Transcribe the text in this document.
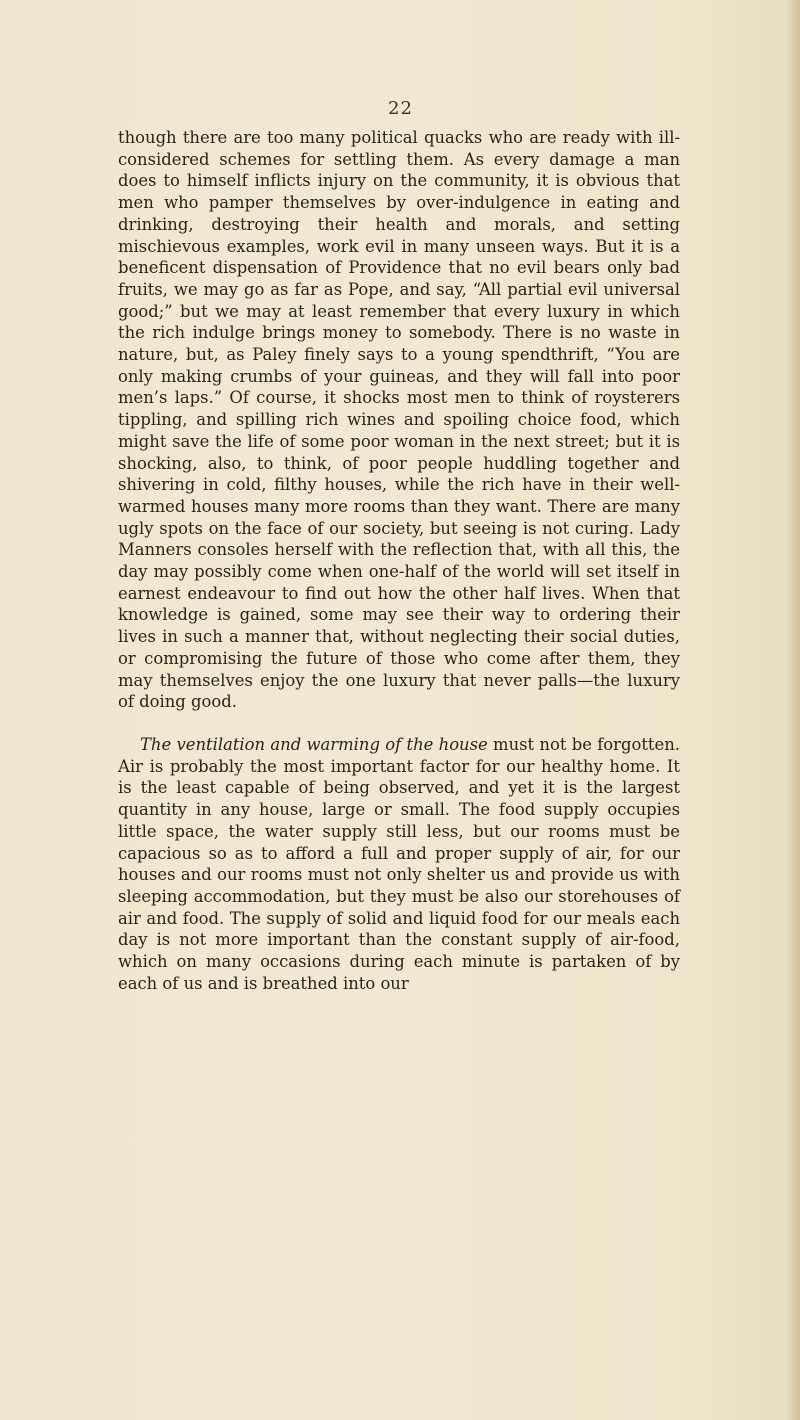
22

though there are too many political quacks who are ready with ill-considered schemes for settling them. As every damage a man does to himself inflicts injury on the community, it is obvious that men who pamper themselves by over-indulgence in eating and drinking, destroying their health and morals, and setting mischievous examples, work evil in many unseen ways. But it is a beneficent dispensation of Providence that no evil bears only bad fruits, we may go as far as Pope, and say, “All partial evil universal good;” but we may at least remember that every luxury in which the rich indulge brings money to somebody. There is no waste in nature, but, as Paley finely says to a young spendthrift, “You are only making crumbs of your guineas, and they will fall into poor men’s laps.” Of course, it shocks most men to think of roysterers tippling, and spilling rich wines and spoiling choice food, which might save the life of some poor woman in the next street; but it is shocking, also, to think, of poor people huddling together and shivering in cold, filthy houses, while the rich have in their well-warmed houses many more rooms than they want. There are many ugly spots on the face of our society, but seeing is not curing. Lady Manners consoles herself with the reflection that, with all this, the day may possibly come when one-half of the world will set itself in earnest endeavour to find out how the other half lives. When that knowledge is gained, some may see their way to ordering their lives in such a manner that, without neglecting their social duties, or compromising the future of those who come after them, they may themselves enjoy the one luxury that never palls—the luxury of doing good.

The ventilation and warming of the house must not be forgotten. Air is probably the most important factor for our healthy home. It is the least capable of being observed, and yet it is the largest quantity in any house, large or small. The food supply occupies little space, the water supply still less, but our rooms must be capacious so as to afford a full and proper supply of air, for our houses and our rooms must not only shelter us and provide us with sleeping accommodation, but they must be also our storehouses of air and food. The supply of solid and liquid food for our meals each day is not more important than the constant supply of air-food, which on many occasions during each minute is partaken of by each of us and is breathed into our
